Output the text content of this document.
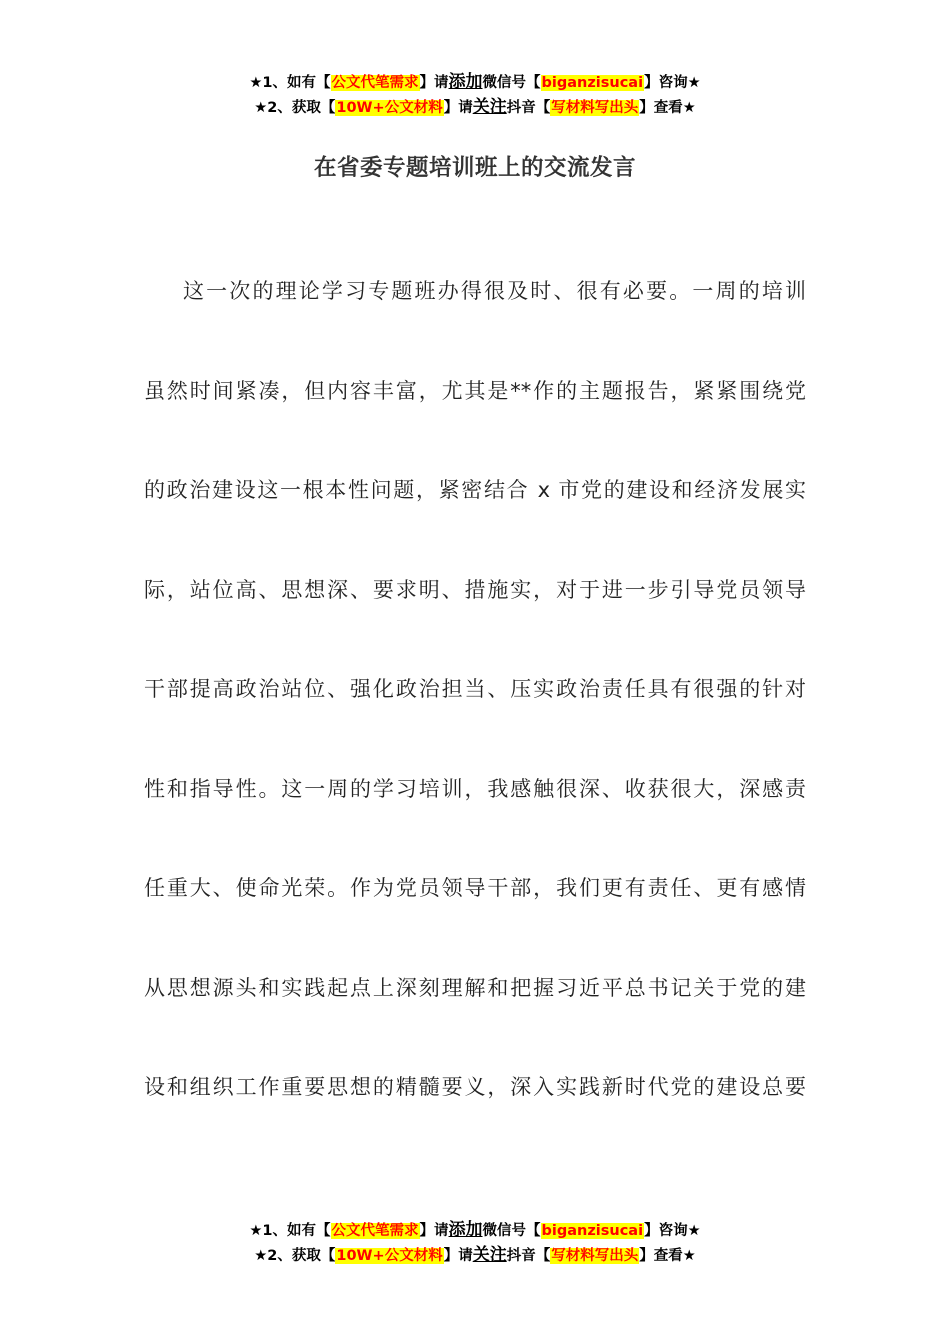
★1、如有【公文代笔需求】请添加微信号【biganzisucai】咨询★
★2、获取【10W+公文材料】请关注抖音【写材料写出头】查看★
在省委专题培训班上的交流发言
这一次的理论学习专题班办得很及时、很有必要。一周的培训
虽然时间紧凑，但内容丰富，尤其是**作的主题报告，紧紧围绕党
的政治建设这一根本性问题，紧密结合 x 市党的建设和经济发展实
际，站位高、思想深、要求明、措施实，对于进一步引导党员领导
干部提高政治站位、强化政治担当、压实政治责任具有很强的针对
性和指导性。这一周的学习培训，我感触很深、收获很大，深感责
任重大、使命光荣。作为党员领导干部，我们更有责任、更有感情
从思想源头和实践起点上深刻理解和把握习近平总书记关于党的建
设和组织工作重要思想的精髓要义，深入实践新时代党的建设总要
★1、如有【公文代笔需求】请添加微信号【biganzisucai】咨询★
★2、获取【10W+公文材料】请关注抖音【写材料写出头】查看★
